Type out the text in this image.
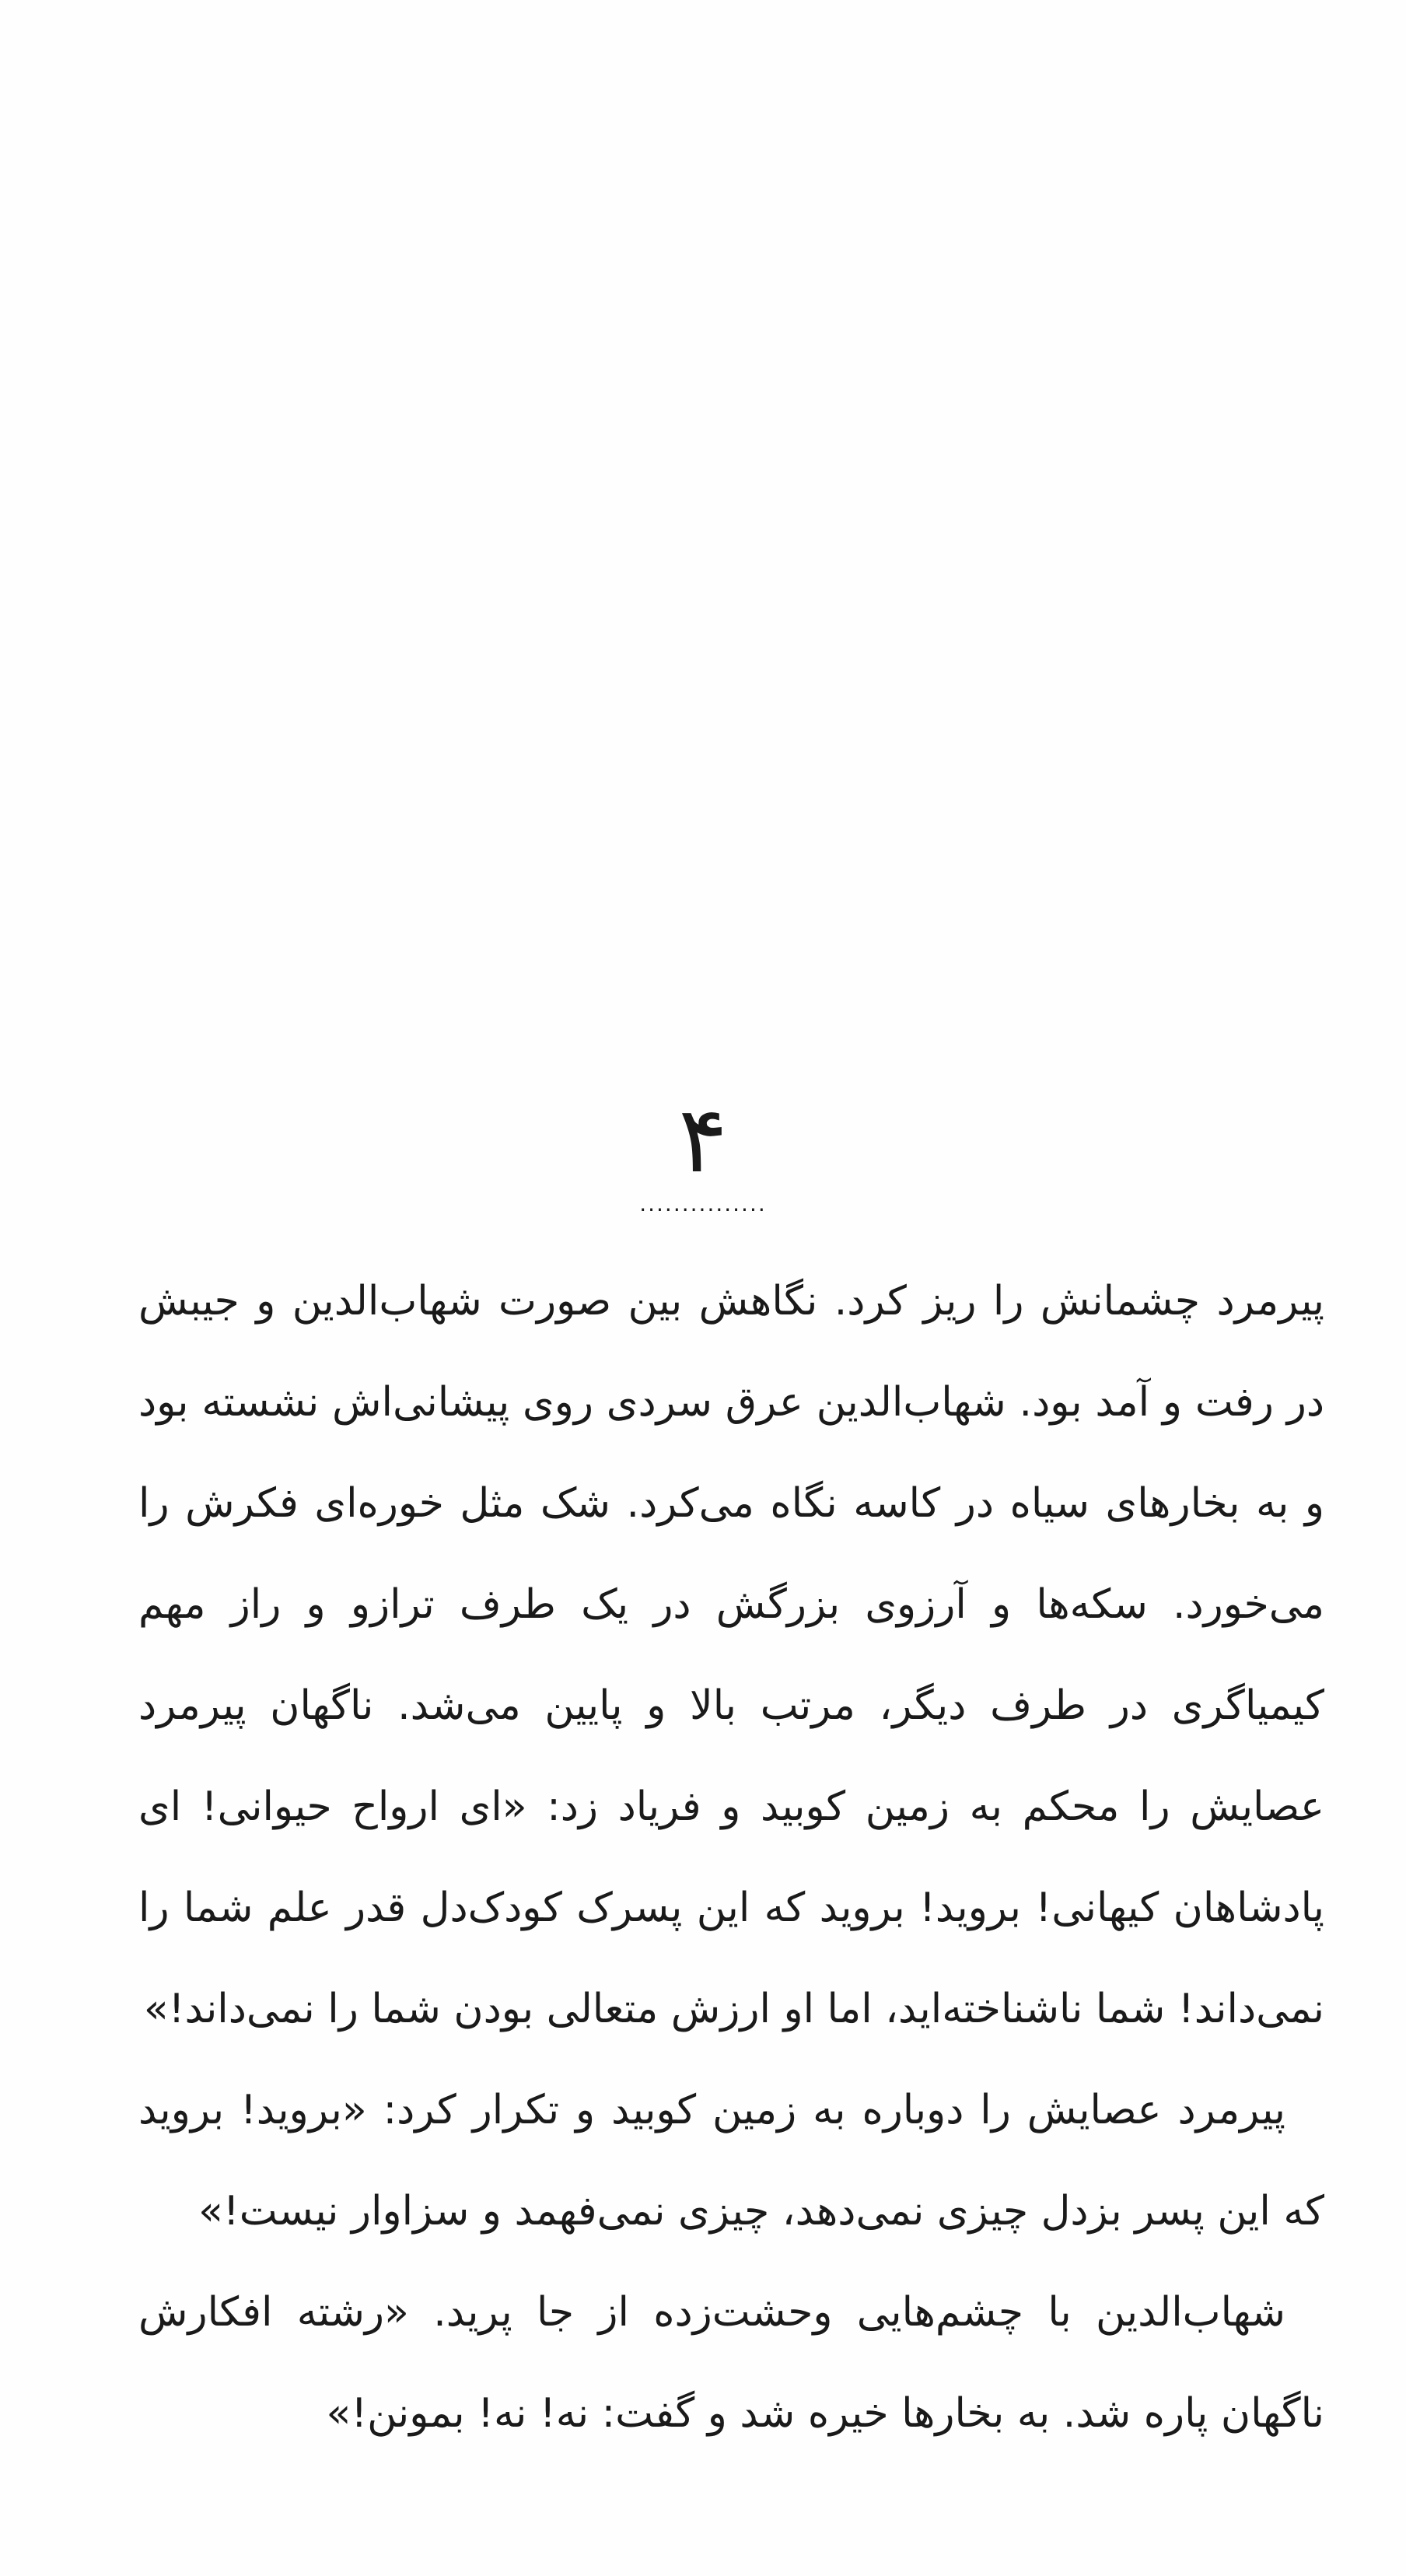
۴
...............

پیرمرد چشمانش را ریز کرد. نگاهش بین صورت شهاب‌الدین و جیبش در رفت و آمد بود. شهاب‌الدین عرق سردی روی پیشانی‌اش نشسته بود و به بخارهای سیاه در کاسه نگاه می‌کرد. شک مثل خوره‌ای فکرش را می‌خورد. سکه‌ها و آرزوی بزرگش در یک طرف ترازو و راز مهم کیمیاگری در طرف دیگر، مرتب بالا و پایین می‌شد. ناگهان پیرمرد عصایش را محکم به زمین کوبید و فریاد زد: «ای ارواح حیوانی! ای پادشاهان کیهانی! بروید! بروید که این پسرک کودک‌دل قدر علم شما را نمی‌داند! شما ناشناخته‌اید، اما او ارزش متعالی بودن شما را نمی‌داند!»

پیرمرد عصایش را دوباره به زمین کوبید و تکرار کرد: «بروید! بروید که این پسر بزدل چیزی نمی‌دهد، چیزی نمی‌فهمد و سزاوار نیست!»

شهاب‌الدین با چشم‌هایی وحشت‌زده از جا پرید. «رشته افکارش ناگهان پاره شد. به بخارها خیره شد و گفت: نه! نه! بمونن!»
